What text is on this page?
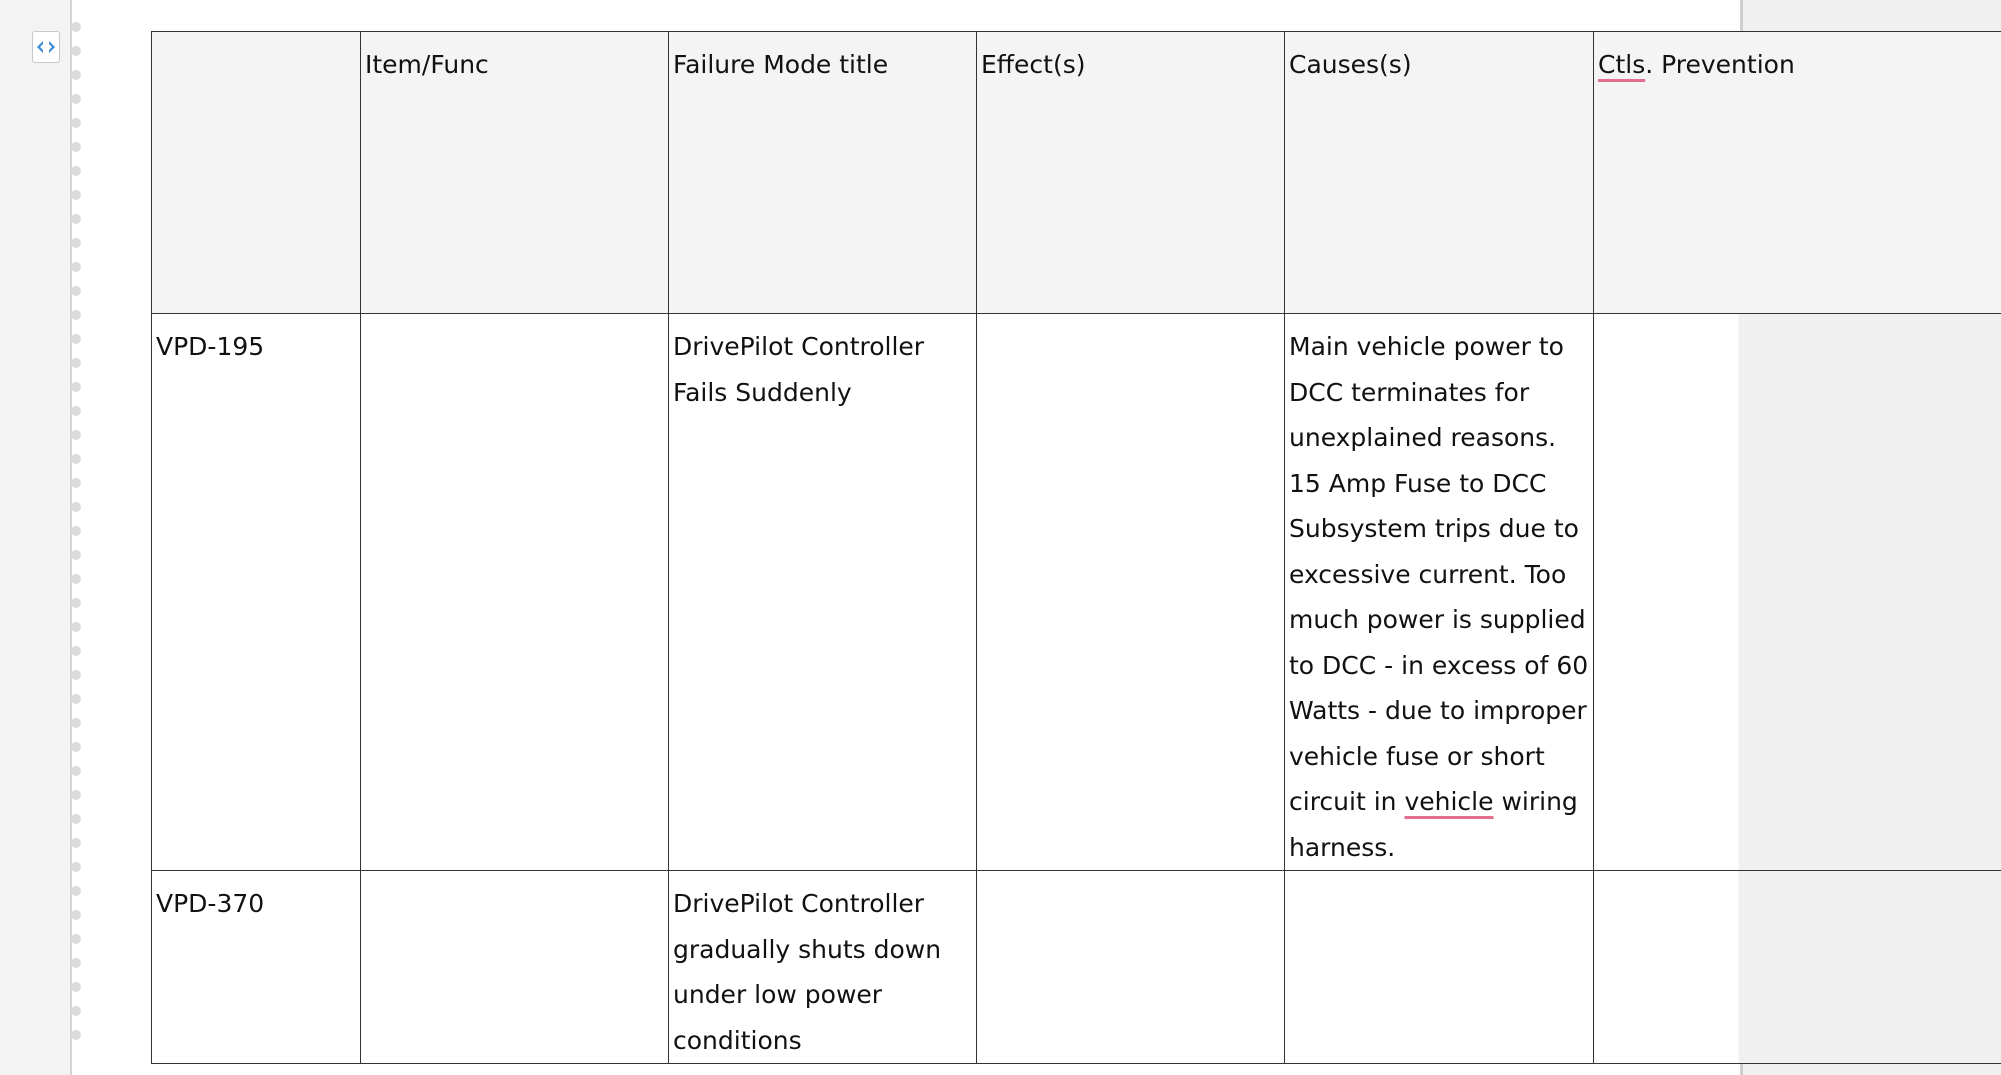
	Item/Func	Failure Mode title	Effect(s)	Causes(s)	Ctls. Prevention
VPD-195		DrivePilot Controller Fails Suddenly		Main vehicle power to DCC terminates for unexplained reasons. 15 Amp Fuse to DCC Subsystem trips due to excessive current. Too much power is supplied to DCC - in excess of 60 Watts - due to improper vehicle fuse or short circuit in vehicle wiring harness.	
VPD-370		DrivePilot Controller gradually shuts down under low power conditions			
